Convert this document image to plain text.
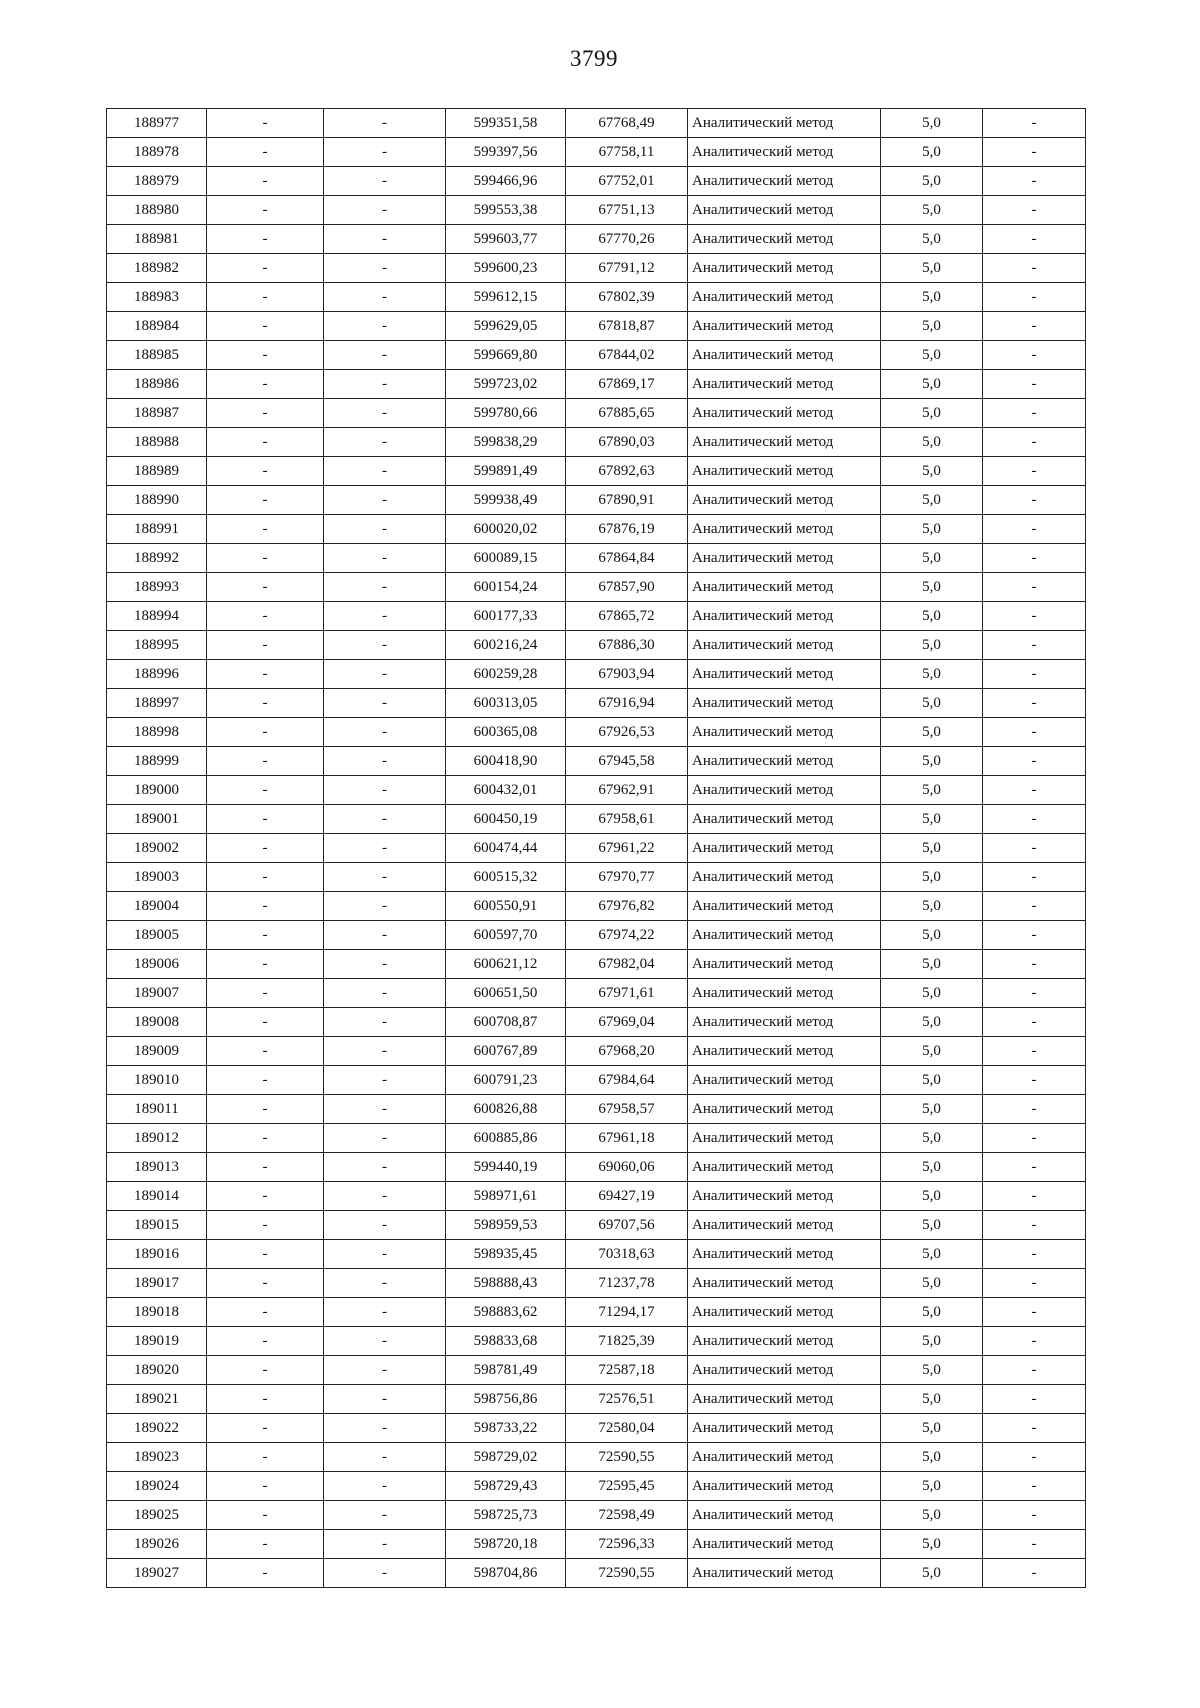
3799
188977	-	-	599351,58	67768,49	Аналитический метод	5,0	-
188978	-	-	599397,56	67758,11	Аналитический метод	5,0	-
188979	-	-	599466,96	67752,01	Аналитический метод	5,0	-
188980	-	-	599553,38	67751,13	Аналитический метод	5,0	-
188981	-	-	599603,77	67770,26	Аналитический метод	5,0	-
188982	-	-	599600,23	67791,12	Аналитический метод	5,0	-
188983	-	-	599612,15	67802,39	Аналитический метод	5,0	-
188984	-	-	599629,05	67818,87	Аналитический метод	5,0	-
188985	-	-	599669,80	67844,02	Аналитический метод	5,0	-
188986	-	-	599723,02	67869,17	Аналитический метод	5,0	-
188987	-	-	599780,66	67885,65	Аналитический метод	5,0	-
188988	-	-	599838,29	67890,03	Аналитический метод	5,0	-
188989	-	-	599891,49	67892,63	Аналитический метод	5,0	-
188990	-	-	599938,49	67890,91	Аналитический метод	5,0	-
188991	-	-	600020,02	67876,19	Аналитический метод	5,0	-
188992	-	-	600089,15	67864,84	Аналитический метод	5,0	-
188993	-	-	600154,24	67857,90	Аналитический метод	5,0	-
188994	-	-	600177,33	67865,72	Аналитический метод	5,0	-
188995	-	-	600216,24	67886,30	Аналитический метод	5,0	-
188996	-	-	600259,28	67903,94	Аналитический метод	5,0	-
188997	-	-	600313,05	67916,94	Аналитический метод	5,0	-
188998	-	-	600365,08	67926,53	Аналитический метод	5,0	-
188999	-	-	600418,90	67945,58	Аналитический метод	5,0	-
189000	-	-	600432,01	67962,91	Аналитический метод	5,0	-
189001	-	-	600450,19	67958,61	Аналитический метод	5,0	-
189002	-	-	600474,44	67961,22	Аналитический метод	5,0	-
189003	-	-	600515,32	67970,77	Аналитический метод	5,0	-
189004	-	-	600550,91	67976,82	Аналитический метод	5,0	-
189005	-	-	600597,70	67974,22	Аналитический метод	5,0	-
189006	-	-	600621,12	67982,04	Аналитический метод	5,0	-
189007	-	-	600651,50	67971,61	Аналитический метод	5,0	-
189008	-	-	600708,87	67969,04	Аналитический метод	5,0	-
189009	-	-	600767,89	67968,20	Аналитический метод	5,0	-
189010	-	-	600791,23	67984,64	Аналитический метод	5,0	-
189011	-	-	600826,88	67958,57	Аналитический метод	5,0	-
189012	-	-	600885,86	67961,18	Аналитический метод	5,0	-
189013	-	-	599440,19	69060,06	Аналитический метод	5,0	-
189014	-	-	598971,61	69427,19	Аналитический метод	5,0	-
189015	-	-	598959,53	69707,56	Аналитический метод	5,0	-
189016	-	-	598935,45	70318,63	Аналитический метод	5,0	-
189017	-	-	598888,43	71237,78	Аналитический метод	5,0	-
189018	-	-	598883,62	71294,17	Аналитический метод	5,0	-
189019	-	-	598833,68	71825,39	Аналитический метод	5,0	-
189020	-	-	598781,49	72587,18	Аналитический метод	5,0	-
189021	-	-	598756,86	72576,51	Аналитический метод	5,0	-
189022	-	-	598733,22	72580,04	Аналитический метод	5,0	-
189023	-	-	598729,02	72590,55	Аналитический метод	5,0	-
189024	-	-	598729,43	72595,45	Аналитический метод	5,0	-
189025	-	-	598725,73	72598,49	Аналитический метод	5,0	-
189026	-	-	598720,18	72596,33	Аналитический метод	5,0	-
189027	-	-	598704,86	72590,55	Аналитический метод	5,0	-
